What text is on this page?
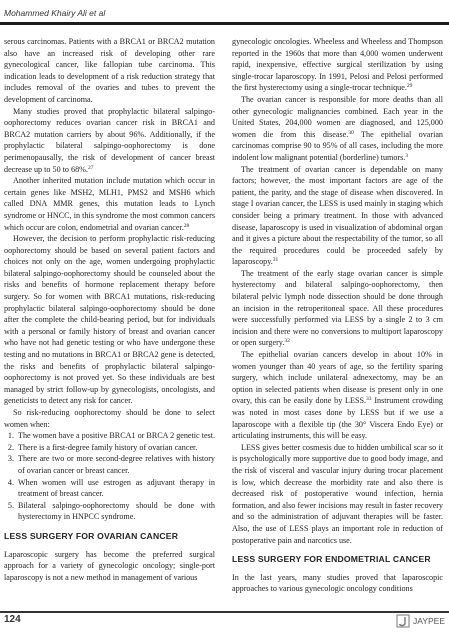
Mohammed Khairy Ali et al

serous carcinomas. Patients with a BRCA1 or BRCA2 mutation also have an increased risk of developing other rare gynecological cancer, like fallopian tube carcinoma. This indication leads to development of a risk reduction strategy that includes removal of the ovaries and tubes to prevent the development of carcinoma.

Many studies proved that prophylactic bilateral salpingo-oophorectomy reduces ovarian cancer risk in BRCA1 and BRCA2 mutation carriers by about 96%. Additionally, if the prophylactic bilateral salpingo-oophorectomy is done perimenopausally, the risk of development of cancer breast decrease up to 50 to 68%.$^{27}$

Another inherited mutation include mutation which occur in certain genes like MSH2, MLH1, PMS2 and MSH6 which called DNA MMR genes, this mutation leads to Lynch syndrome or HNCC, in this syndrome the most common cancers which occur are colon, endometrial and ovarian cancer.$^{28}$

However, the decision to perform prophylactic risk-reducing oophorectomy should be based on several patient factors and choices not only on the age, women undergoing prophylactic bilateral salpingo-oophorectomy should be counseled about the risks and benefits of hormone replacement therapy before surgery. So for women with BRCA1 mutations, risk-reducing prophylactic bilateral salpingo-oophorectomy should be done after the complete the child-bearing period, but for individuals with a personal or family history of breast and ovarian cancer who have not had genetic testing or who have undergone these testing and no mutations in BRCA1 or BRCA2 gene is detected, the risks and benefits of prophylactic bilateral salpingo-oophorectomy is not proved yet. So these individuals are best managed by strict follow-up by gynecologists, oncologists, and geneticists to detect any risk for cancer.

So risk-reducing oophorectomy should be done to select women when:

1. The women have a positive BRCA1 or BRCA 2 genetic test.
2. There is a first-degree family history of ovarian cancer.
3. There are two or more second-degree relatives with history of ovarian cancer or breast cancer.
4. When women will use estrogen as adjuvant therapy in treatment of breast cancer.
5. Bilateral salpingo-oophorectomy should be done with hysterectomy in HNPCC syndrome.
LESS SURGERY FOR OVARIAN CANCER

Laparoscopic surgery has become the preferred surgical approach for a variety of gynecologic oncology; single-port laparoscopy is not a new method in management of various

gynecologic oncologies. Wheeless and Wheeless and Thompson reported in the 1960s that more than 4,000 women underwent rapid, inexpensive, effective surgical sterilization by using single-trocar laparoscopy. In 1991, Pelosi and Pelosi performed the first hysterectomy using a single-trocar technique.$^{29}$

The ovarian cancer is responsible for more deaths than all other gynecologic malignancies combined. Each year in the United States, 204,000 women are diagnosed, and 125,000 women die from this disease.$^{30}$ The epithelial ovarian carcinomas comprise 90 to 95% of all cases, including the more indolent low malignant potential (borderline) tumors.$^3$

The treatment of ovarian cancer is dependable on many factors; however, the most important factors are age of the patient, the parity, and the stage of disease when discovered. In stage I ovarian cancer, the LESS is used mainly in staging which consider being a primary treatment. In those with advanced disease, laparoscopy is used in visualization of abdominal organ and it gives a picture about the respectability of the tumor, so all the required procedures could be proceeded safely by laparoscopy.$^{31}$

The treatment of the early stage ovarian cancer is simple hysterectomy and bilateral salpingo-oophorectomy, then bilateral pelvic lymph node dissection should be done through an incision in the retroperitoneal space. All these procedures were successfully performed via LESS by a single 2 to 3 cm incision and there were no conversions to multiport laparoscopy or open surgery.$^{32}$

The epithelial ovarian cancers develop in about 10% in women younger than 40 years of age, so the fertility sparing surgery, which include unilateral adnexectomy, may be an option in selected patients when disease is present only in one ovary, this can be easily done by LESS.$^{33}$ Instrument crowding was noted in most cases done by LESS but if we use a laparoscope with a flexible tip (the 30° Viscera Endo Eye) or articulating instruments, this will be easy.

LESS gives better cosmesis due to hidden umbilical scar so it is psychologically more supportive due to good body image, and the risk of visceral and vascular injury during trocar placement is low, which decrease the morbidity rate and also there is decreased risk of postoperative wound infection, hernia formation, and also fewer incisions may result in faster recovery and so the administration of adjuvant therapies will be faster. Also, the use of LESS plays an important role in reduction of postoperative pain and narcotics use.

LESS SURGERY FOR ENDOMETRIAL CANCER

In the last years, many studies proved that laparoscopic approaches to various gynecologic oncology conditions

124	JAYPEE
